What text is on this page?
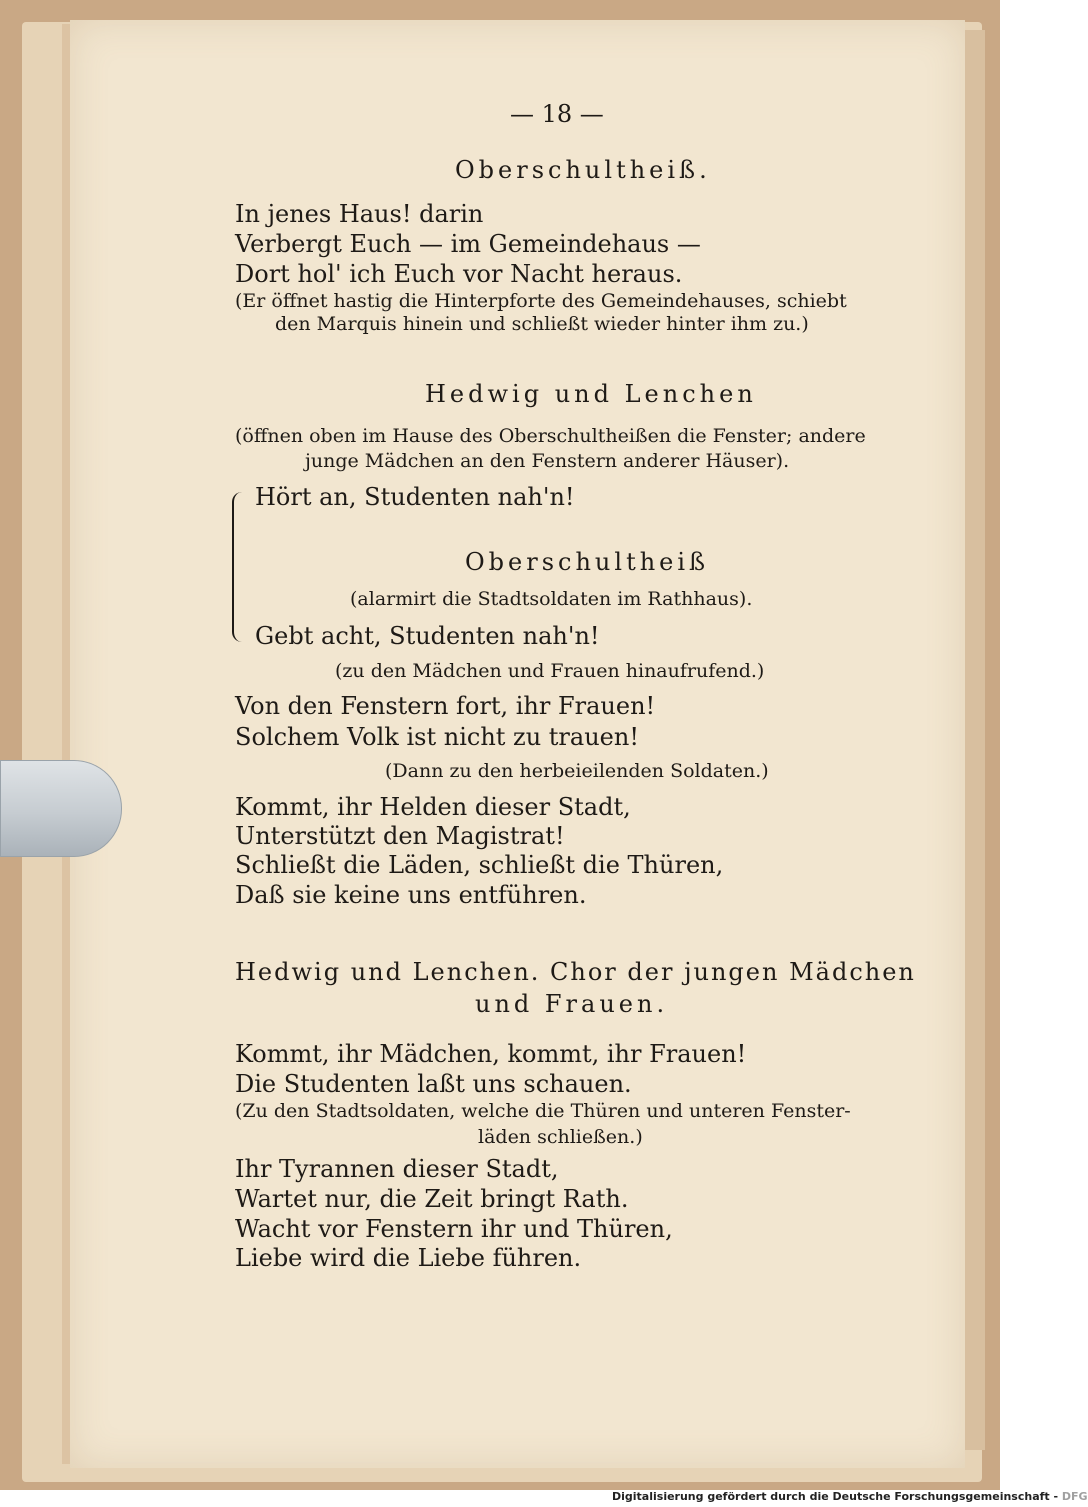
— 18 —
Oberschultheiß.
In jenes Haus! darin
Verbergt Euch — im Gemeindehaus —
Dort hol' ich Euch vor Nacht heraus.
(Er öffnet hastig die Hinterpforte des Gemeindehauses, schiebt
den Marquis hinein und schließt wieder hinter ihm zu.)
Hedwig und Lenchen
(öffnen oben im Hause des Oberschultheißen die Fenster; andere
junge Mädchen an den Fenstern anderer Häuser).
Hört an, Studenten nah'n!
Oberschultheiß
(alarmirt die Stadtsoldaten im Rathhaus).
Gebt acht, Studenten nah'n!
(zu den Mädchen und Frauen hinaufrufend.)
Von den Fenstern fort, ihr Frauen!
Solchem Volk ist nicht zu trauen!
(Dann zu den herbeieilenden Soldaten.)
Kommt, ihr Helden dieser Stadt,
Unterstützt den Magistrat!
Schließt die Läden, schließt die Thüren,
Daß sie keine uns entführen.
Hedwig und Lenchen. Chor der jungen Mädchen
und Frauen.
Kommt, ihr Mädchen, kommt, ihr Frauen!
Die Studenten laßt uns schauen.
(Zu den Stadtsoldaten, welche die Thüren und unteren Fenster-
läden schließen.)
Ihr Tyrannen dieser Stadt,
Wartet nur, die Zeit bringt Rath.
Wacht vor Fenstern ihr und Thüren,
Liebe wird die Liebe führen.
Digitalisierung gefördert durch die Deutsche Forschungsgemeinschaft - DFG
